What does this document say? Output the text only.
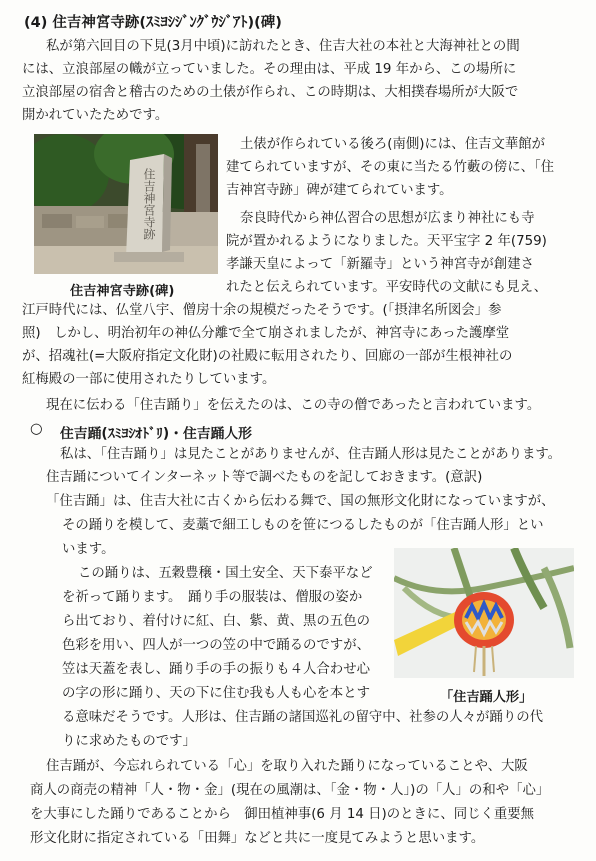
(4) 住吉神宮寺跡(ｽﾐﾖｼｼﾞﾝｸﾞｳｼﾞｱﾄ)(碑)
私が第六回目の下見(3月中頃)に訪れたとき、住吉大社の本社と大海神社との間
には、立浪部屋の幟が立っていました。その理由は、平成 19 年から、この場所に
立浪部屋の宿舎と稽古のための土俵が作られ、この時期は、大相撲春場所が大阪で
開かれていたためです。
住吉神宮寺跡
住吉神宮寺跡(碑)
土俵が作られている後ろ(南側)には、住吉文華館が
建てられていますが、その東に当たる竹藪の傍に、「住
吉神宮寺跡」碑が建てられています。
奈良時代から神仏習合の思想が広まり神社にも寺
院が置かれるようになりました。天平宝字 2 年(759)
孝謙天皇によって「新羅寺」という神宮寺が創建さ
れたと伝えられています。平安時代の文献にも見え、
江戸時代には、仏堂八宇、僧房十余の規模だったそうです。(「摂津名所図会」参
照)　しかし、明治初年の神仏分離で全て崩されましたが、神宮寺にあった護摩堂
が、招魂社(=大阪府指定文化財)の社殿に転用されたり、回廊の一部が生根神社の
紅梅殿の一部に使用されたりしています。
現在に伝わる「住吉踊り」を伝えたのは、この寺の僧であったと言われています。
○ 住吉踊(ｽﾐﾖｼｵﾄﾞﾘ)・住吉踊人形
私は、「住吉踊り」は見たことがありませんが、住吉踊人形は見たことがあります。
住吉踊についてインターネット等で調べたものを記しておきます。(意訳)
「住吉踊」は、住吉大社に古くから伝わる舞で、国の無形文化財になっていますが、
その踊りを模して、麦藁で細工しものを笹につるしたものが「住吉踊人形」とい
います。
「住吉踊人形」
この踊りは、五穀豊穣・国土安全、天下泰平など
を祈って踊ります。　踊り手の服装は、僧服の姿か
ら出ており、着付けに紅、白、紫、黄、黒の五色の
色彩を用い、四人が一つの笠の中で踊るのですが、
笠は天蓋を表し、踊り手の手の振りも４人合わせ心
の字の形に踊り、天の下に住む我も人も心を本とす
る意味だそうです。人形は、住吉踊の諸国巡礼の留守中、社参の人々が踊りの代
りに求めたものです」
住吉踊が、今忘れられている「心」を取り入れた踊りになっていることや、大阪
商人の商売の精神「人・物・金」(現在の風潮は、「金・物・人」)の「人」の和や「心」
を大事にした踊りであることから　御田植神事(6 月 14 日)のときに、同じく重要無
形文化財に指定されている「田舞」などと共に一度見てみようと思います。
